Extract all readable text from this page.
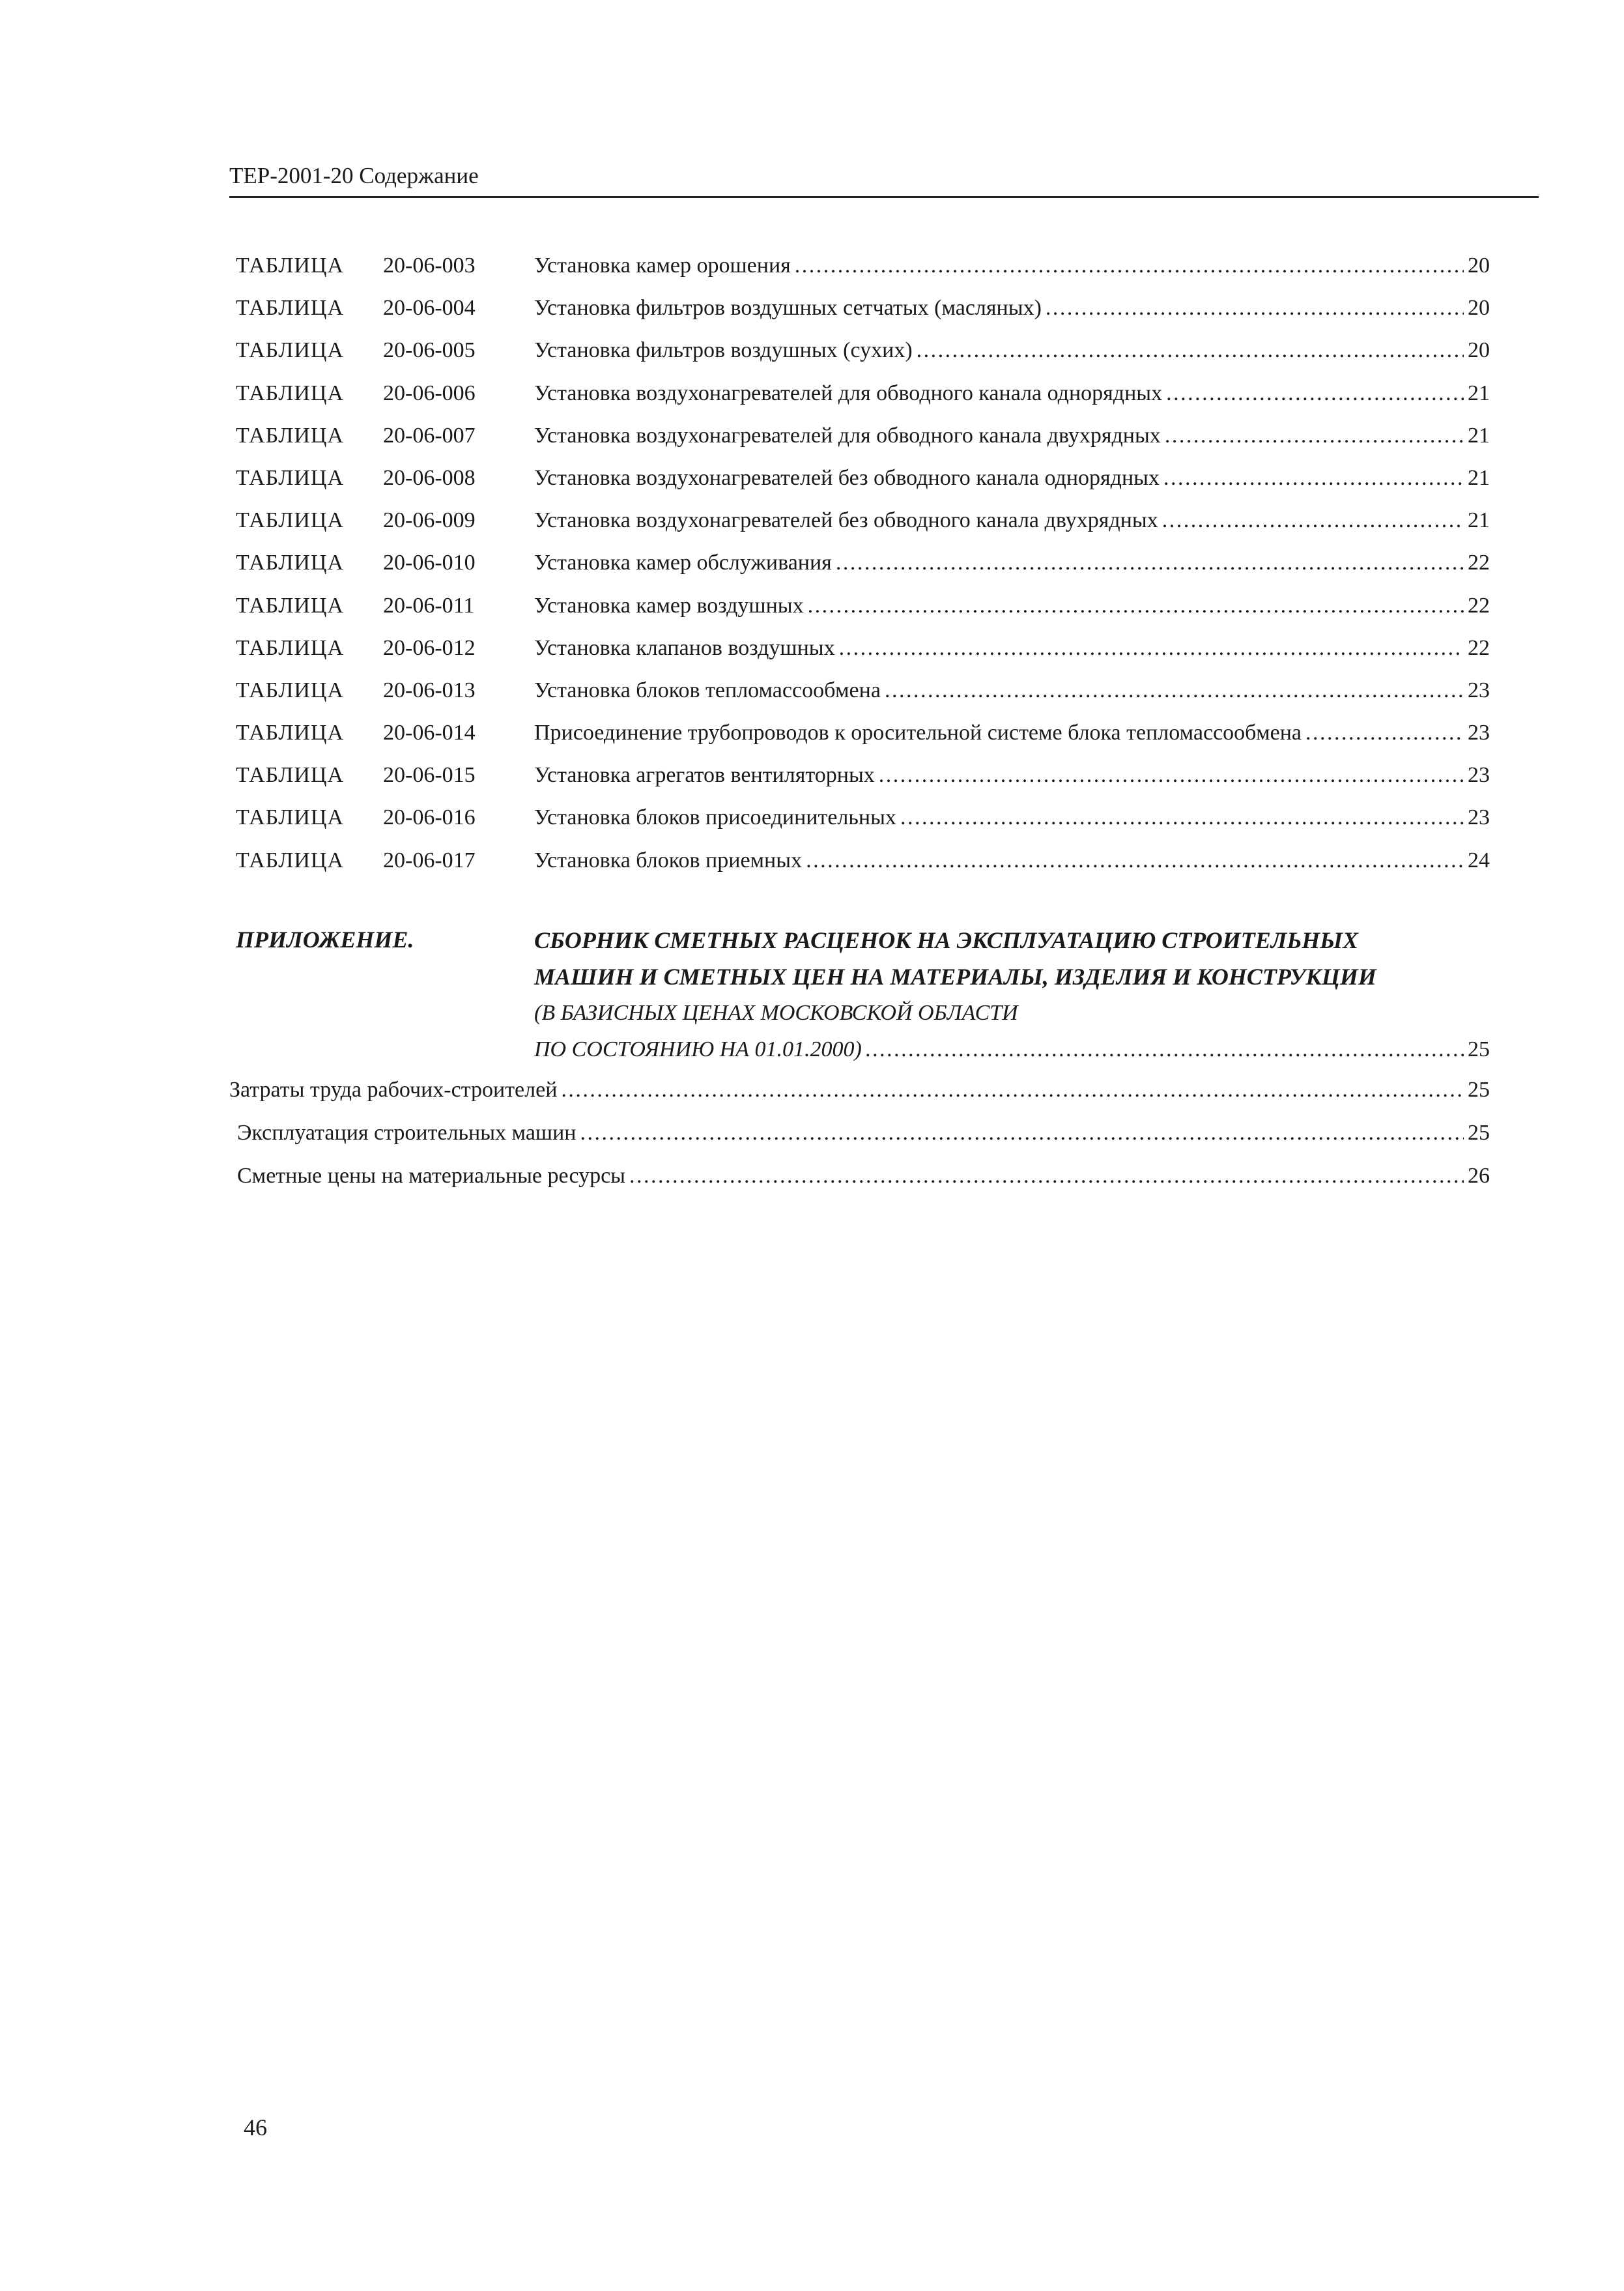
ТЕР-2001-20 Содержание
ТАБЛИЦА 20-06-003	Установка камер орошения . . .	20
ТАБЛИЦА 20-06-004	Установка фильтров воздушных сетчатых (масляных) . . .	20
ТАБЛИЦА 20-06-005	Установка фильтров воздушных (сухих) . . .	20
ТАБЛИЦА 20-06-006	Установка воздухонагревателей для обводного канала однорядных . . .	21
ТАБЛИЦА 20-06-007	Установка воздухонагревателей для обводного канала двухрядных . . .	21
ТАБЛИЦА 20-06-008	Установка воздухонагревателей без обводного канала однорядных . . .	21
ТАБЛИЦА 20-06-009	Установка воздухонагревателей без обводного канала двухрядных . . .	21
ТАБЛИЦА 20-06-010	Установка камер обслуживания . . .	22
ТАБЛИЦА 20-06-011	Установка камер воздушных . . .	22
ТАБЛИЦА 20-06-012	Установка клапанов воздушных . . .	22
ТАБЛИЦА 20-06-013	Установка блоков тепломассообмена . . .	23
ТАБЛИЦА 20-06-014	Присоединение трубопроводов к оросительной системе блока тепломассообмена . . .	23
ТАБЛИЦА 20-06-015	Установка агрегатов вентиляторных . . .	23
ТАБЛИЦА 20-06-016	Установка блоков присоединительных . . .	23
ТАБЛИЦА 20-06-017	Установка блоков приемных . . .	24
ПРИЛОЖЕНИЕ.	СБОРНИК СМЕТНЫХ РАСЦЕНОК НА ЭКСПЛУАТАЦИЮ СТРОИТЕЛЬНЫХ
МАШИН И СМЕТНЫХ ЦЕН НА МАТЕРИАЛЫ, ИЗДЕЛИЯ И КОНСТРУКЦИИ
(В БАЗИСНЫХ ЦЕНАХ МОСКОВСКОЙ ОБЛАСТИ
ПО СОСТОЯНИЮ НА 01.01.2000) . . .	25
Затраты труда рабочих-строителей . . .	25
Эксплуатация строительных машин . . .	25
Сметные цены на материальные ресурсы . . .	26
46
